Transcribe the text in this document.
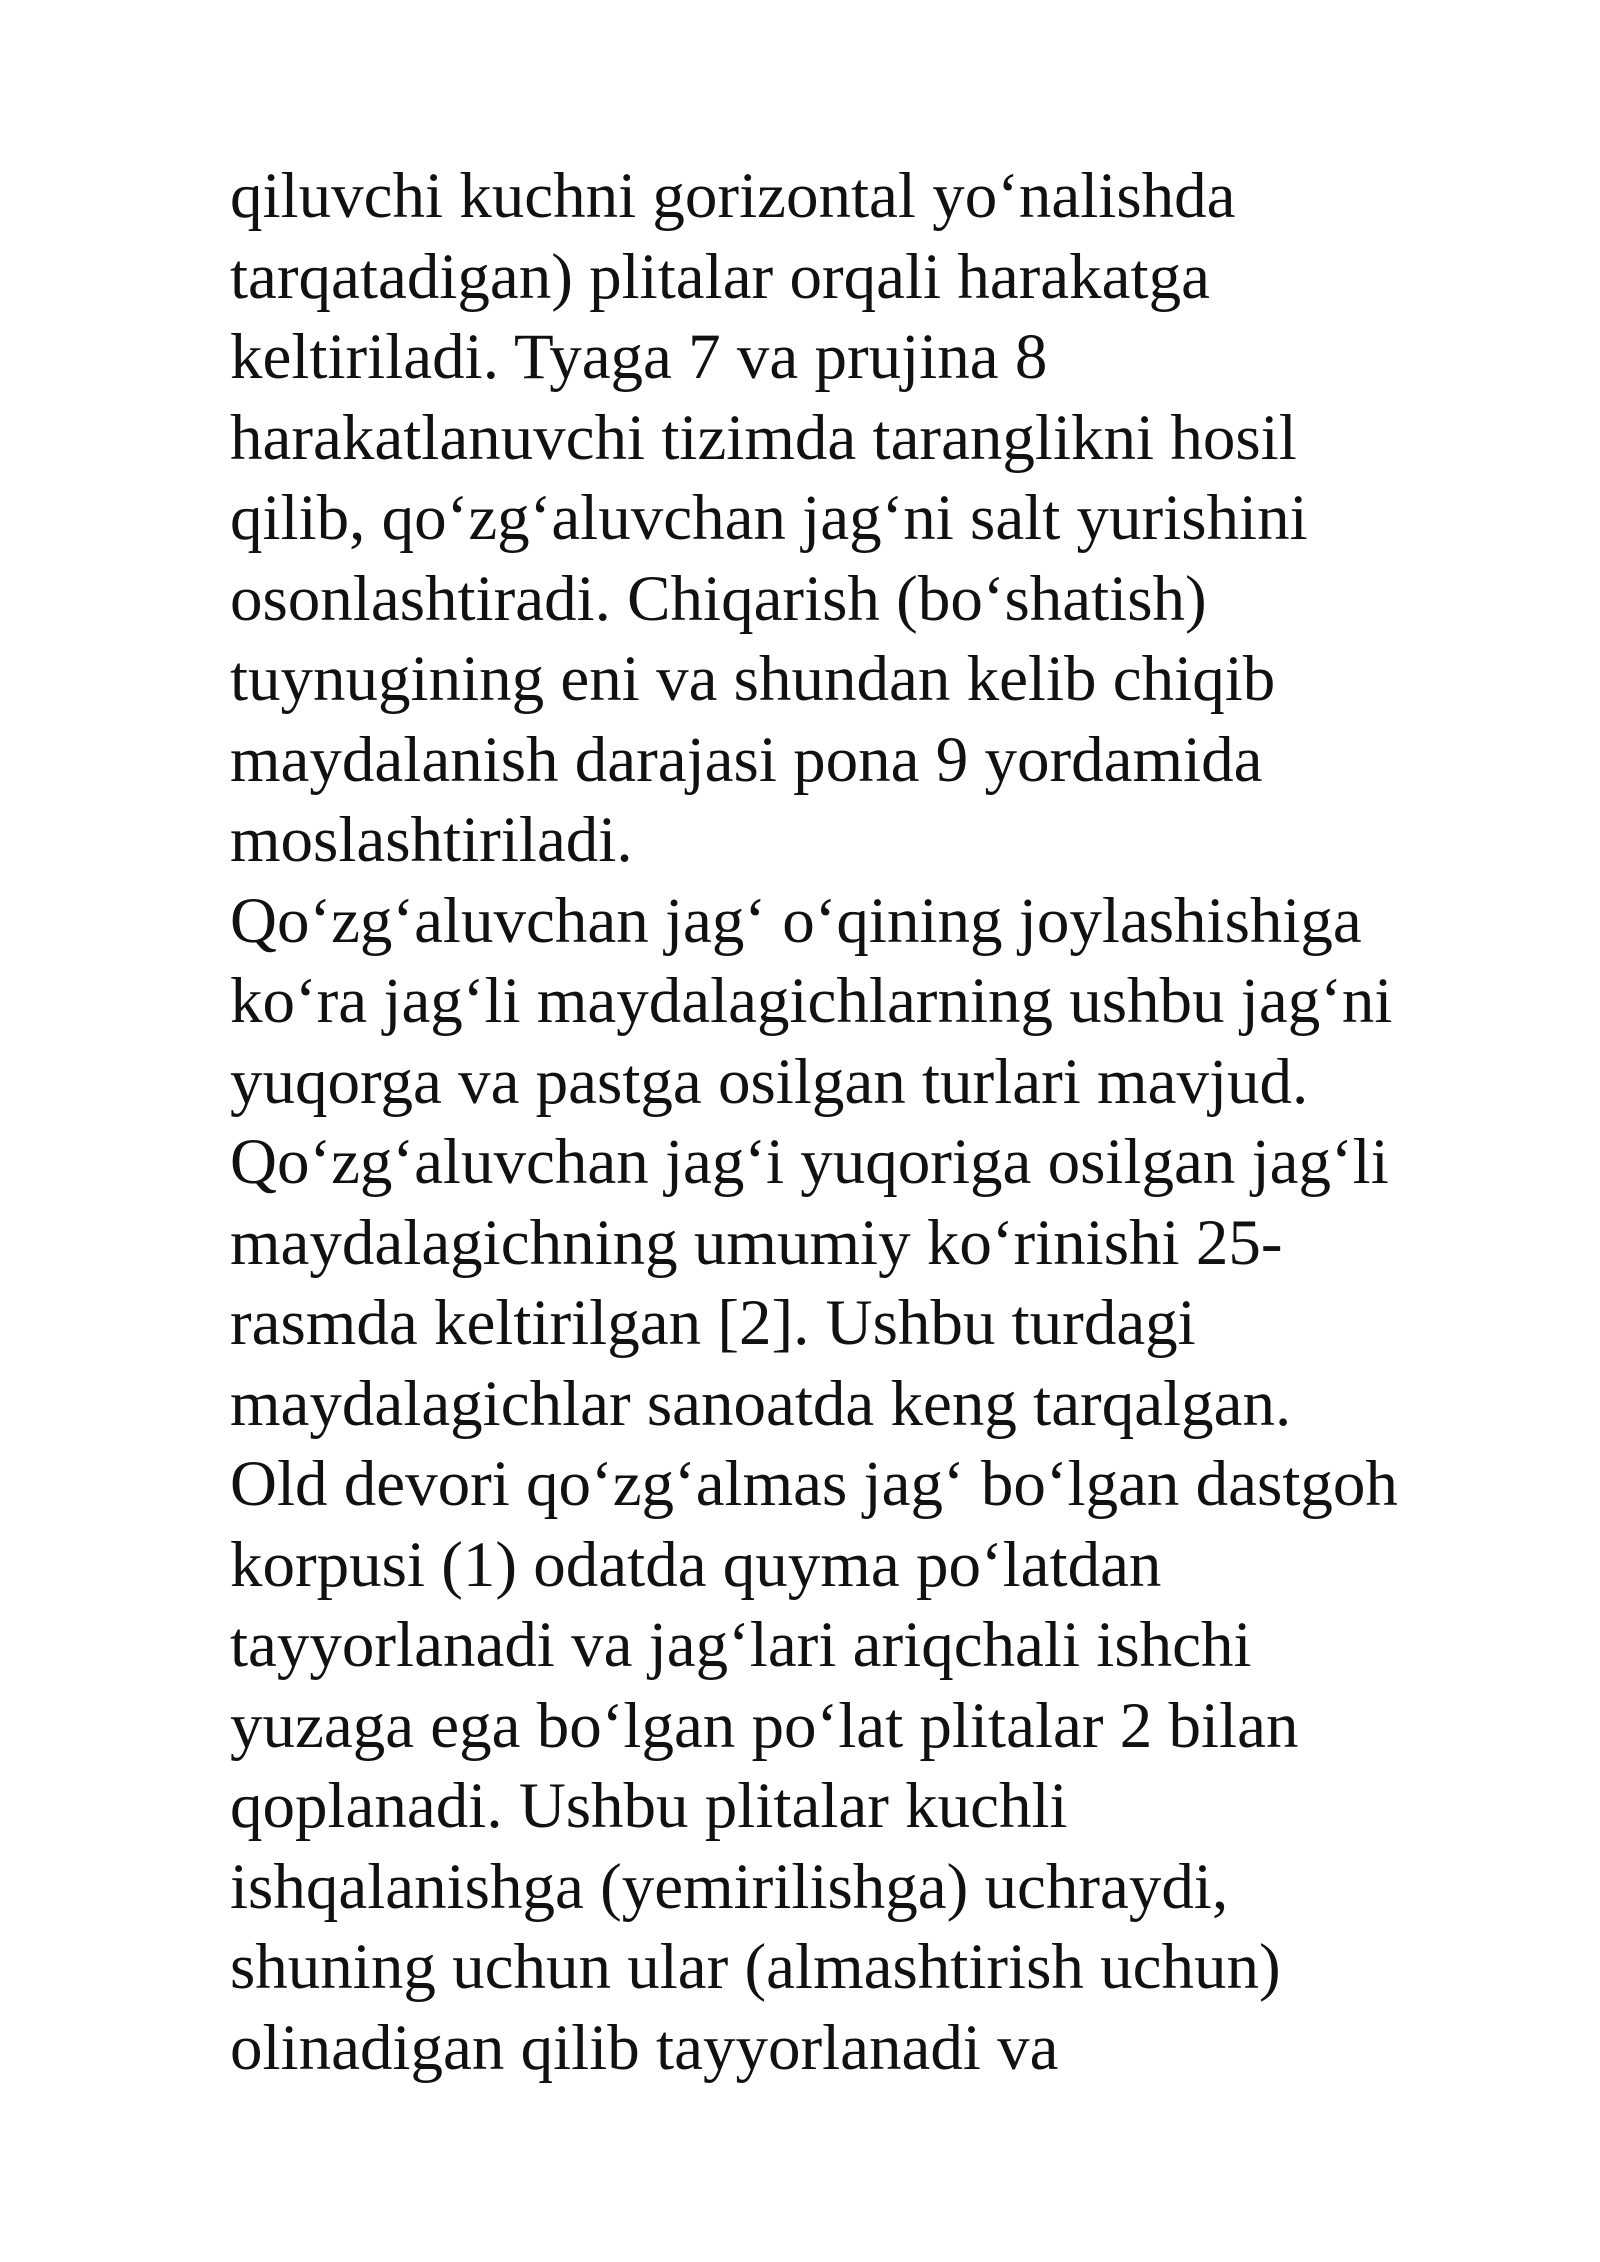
qiluvchi kuchni gorizontal yo‘nalishda
tarqatadigan) plitalar orqali harakatga
keltiriladi. Tyaga 7 va prujina 8
harakatlanuvchi tizimda taranglikni hosil
qilib, qo‘zg‘aluvchan jag‘ni salt yurishini
osonlashtiradi. Chiqarish (bo‘shatish)
tuynugining eni va shundan kelib chiqib
maydalanish darajasi pona 9 yordamida
moslashtiriladi.
Qo‘zg‘aluvchan jag‘ o‘qining joylashishiga
ko‘ra jag‘li maydalagichlarning ushbu jag‘ni
yuqorga va pastga osilgan turlari mavjud.
Qo‘zg‘aluvchan jag‘i yuqoriga osilgan jag‘li
maydalagichning umumiy ko‘rinishi 25-
rasmda keltirilgan [2]. Ushbu turdagi
maydalagichlar sanoatda keng tarqalgan.
Old devori qo‘zg‘almas jag‘ bo‘lgan dastgoh
korpusi (1) odatda quyma po‘latdan
tayyorlanadi va jag‘lari ariqchali ishchi
yuzaga ega bo‘lgan po‘lat plitalar 2 bilan
qoplanadi. Ushbu plitalar kuchli
ishqalanishga (yemirilishga) uchraydi,
shuning uchun ular (almashtirish uchun)
olinadigan qilib tayyorlanadi va
